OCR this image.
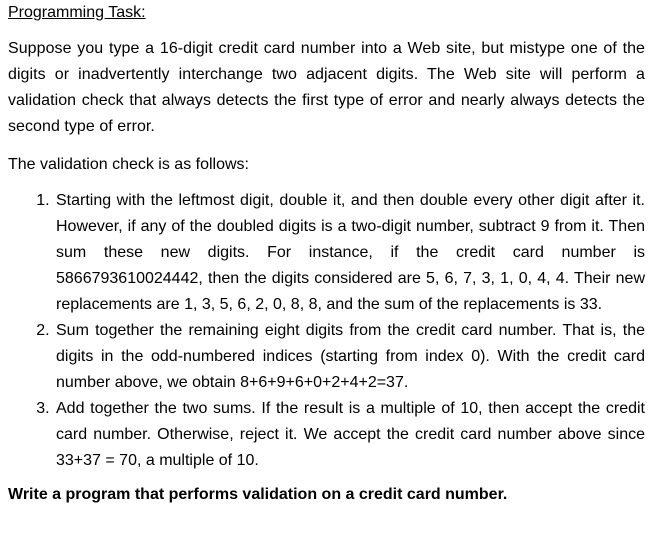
Programming Task:

Suppose you type a 16-digit credit card number into a Web site, but mistype one of the digits or inadvertently interchange two adjacent digits. The Web site will perform a validation check that always detects the first type of error and nearly always detects the second type of error.

The validation check is as follows:

1. Starting with the leftmost digit, double it, and then double every other digit after it. However, if any of the doubled digits is a two-digit number, subtract 9 from it. Then sum these new digits. For instance, if the credit card number is 5866793610024442, then the digits considered are 5, 6, 7, 3, 1, 0, 4, 4. Their new replacements are 1, 3, 5, 6, 2, 0, 8, 8, and the sum of the replacements is 33.
2. Sum together the remaining eight digits from the credit card number. That is, the digits in the odd-numbered indices (starting from index 0). With the credit card number above, we obtain 8+6+9+6+0+2+4+2=37.
3. Add together the two sums. If the result is a multiple of 10, then accept the credit card number. Otherwise, reject it. We accept the credit card number above since 33+37 = 70, a multiple of 10.

Write a program that performs validation on a credit card number.
